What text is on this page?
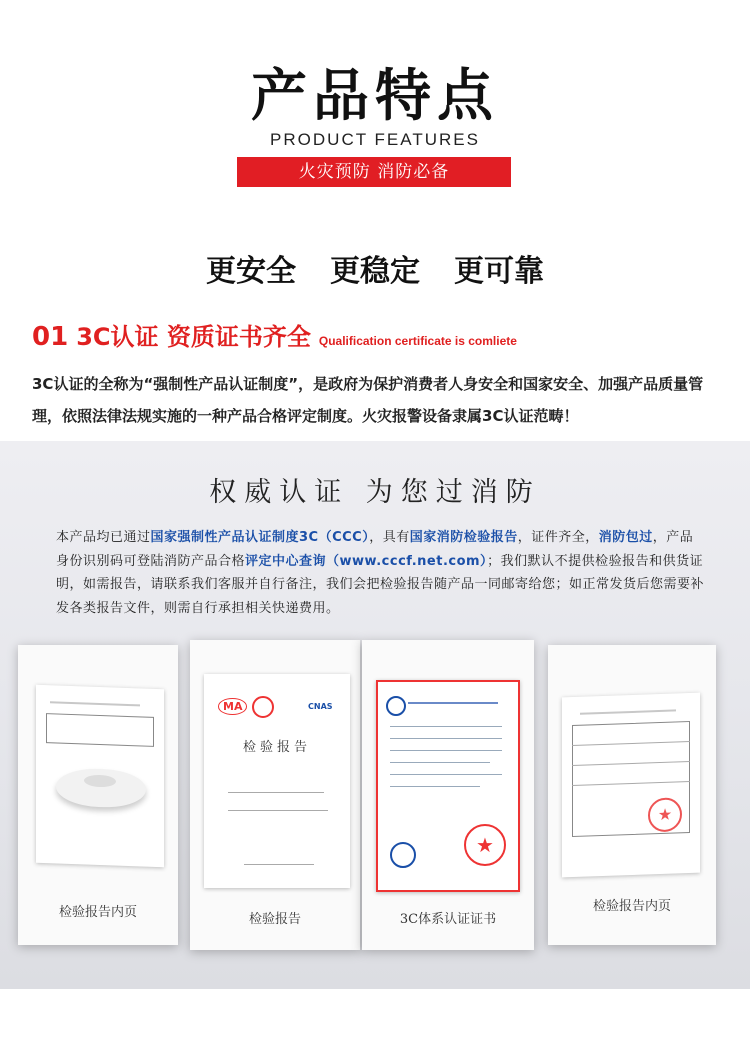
产品特点
PRODUCT FEATURES
火灾预防 消防必备
更安全 更稳定 更可靠
01 3C认证 资质证书齐全 Qualification certificate is comliete
3C认证的全称为“强制性产品认证制度”，是政府为保护消费者人身安全和国家安全、加强产品质量管理，依照法律法规实施的一种产品合格评定制度。火灾报警设备隶属3C认证范畴！
权威认证 为您过消防
本产品均已通过国家强制性产品认证制度3C（CCC），具有国家消防检验报告，证件齐全，消防包过，产品身份识别码可登陆消防产品合格评定中心查询（www.cccf.net.com）；我们默认不提供检验报告和供货证明，如需报告，请联系我们客服并自行备注，我们会把检验报告随产品一同邮寄给您；如正常发货后您需要补发各类报告文件，则需自行承担相关快递费用。
检验报告内页
MA	CNAS
检验报告
检验报告
★
3C体系认证证书
★
检验报告内页
